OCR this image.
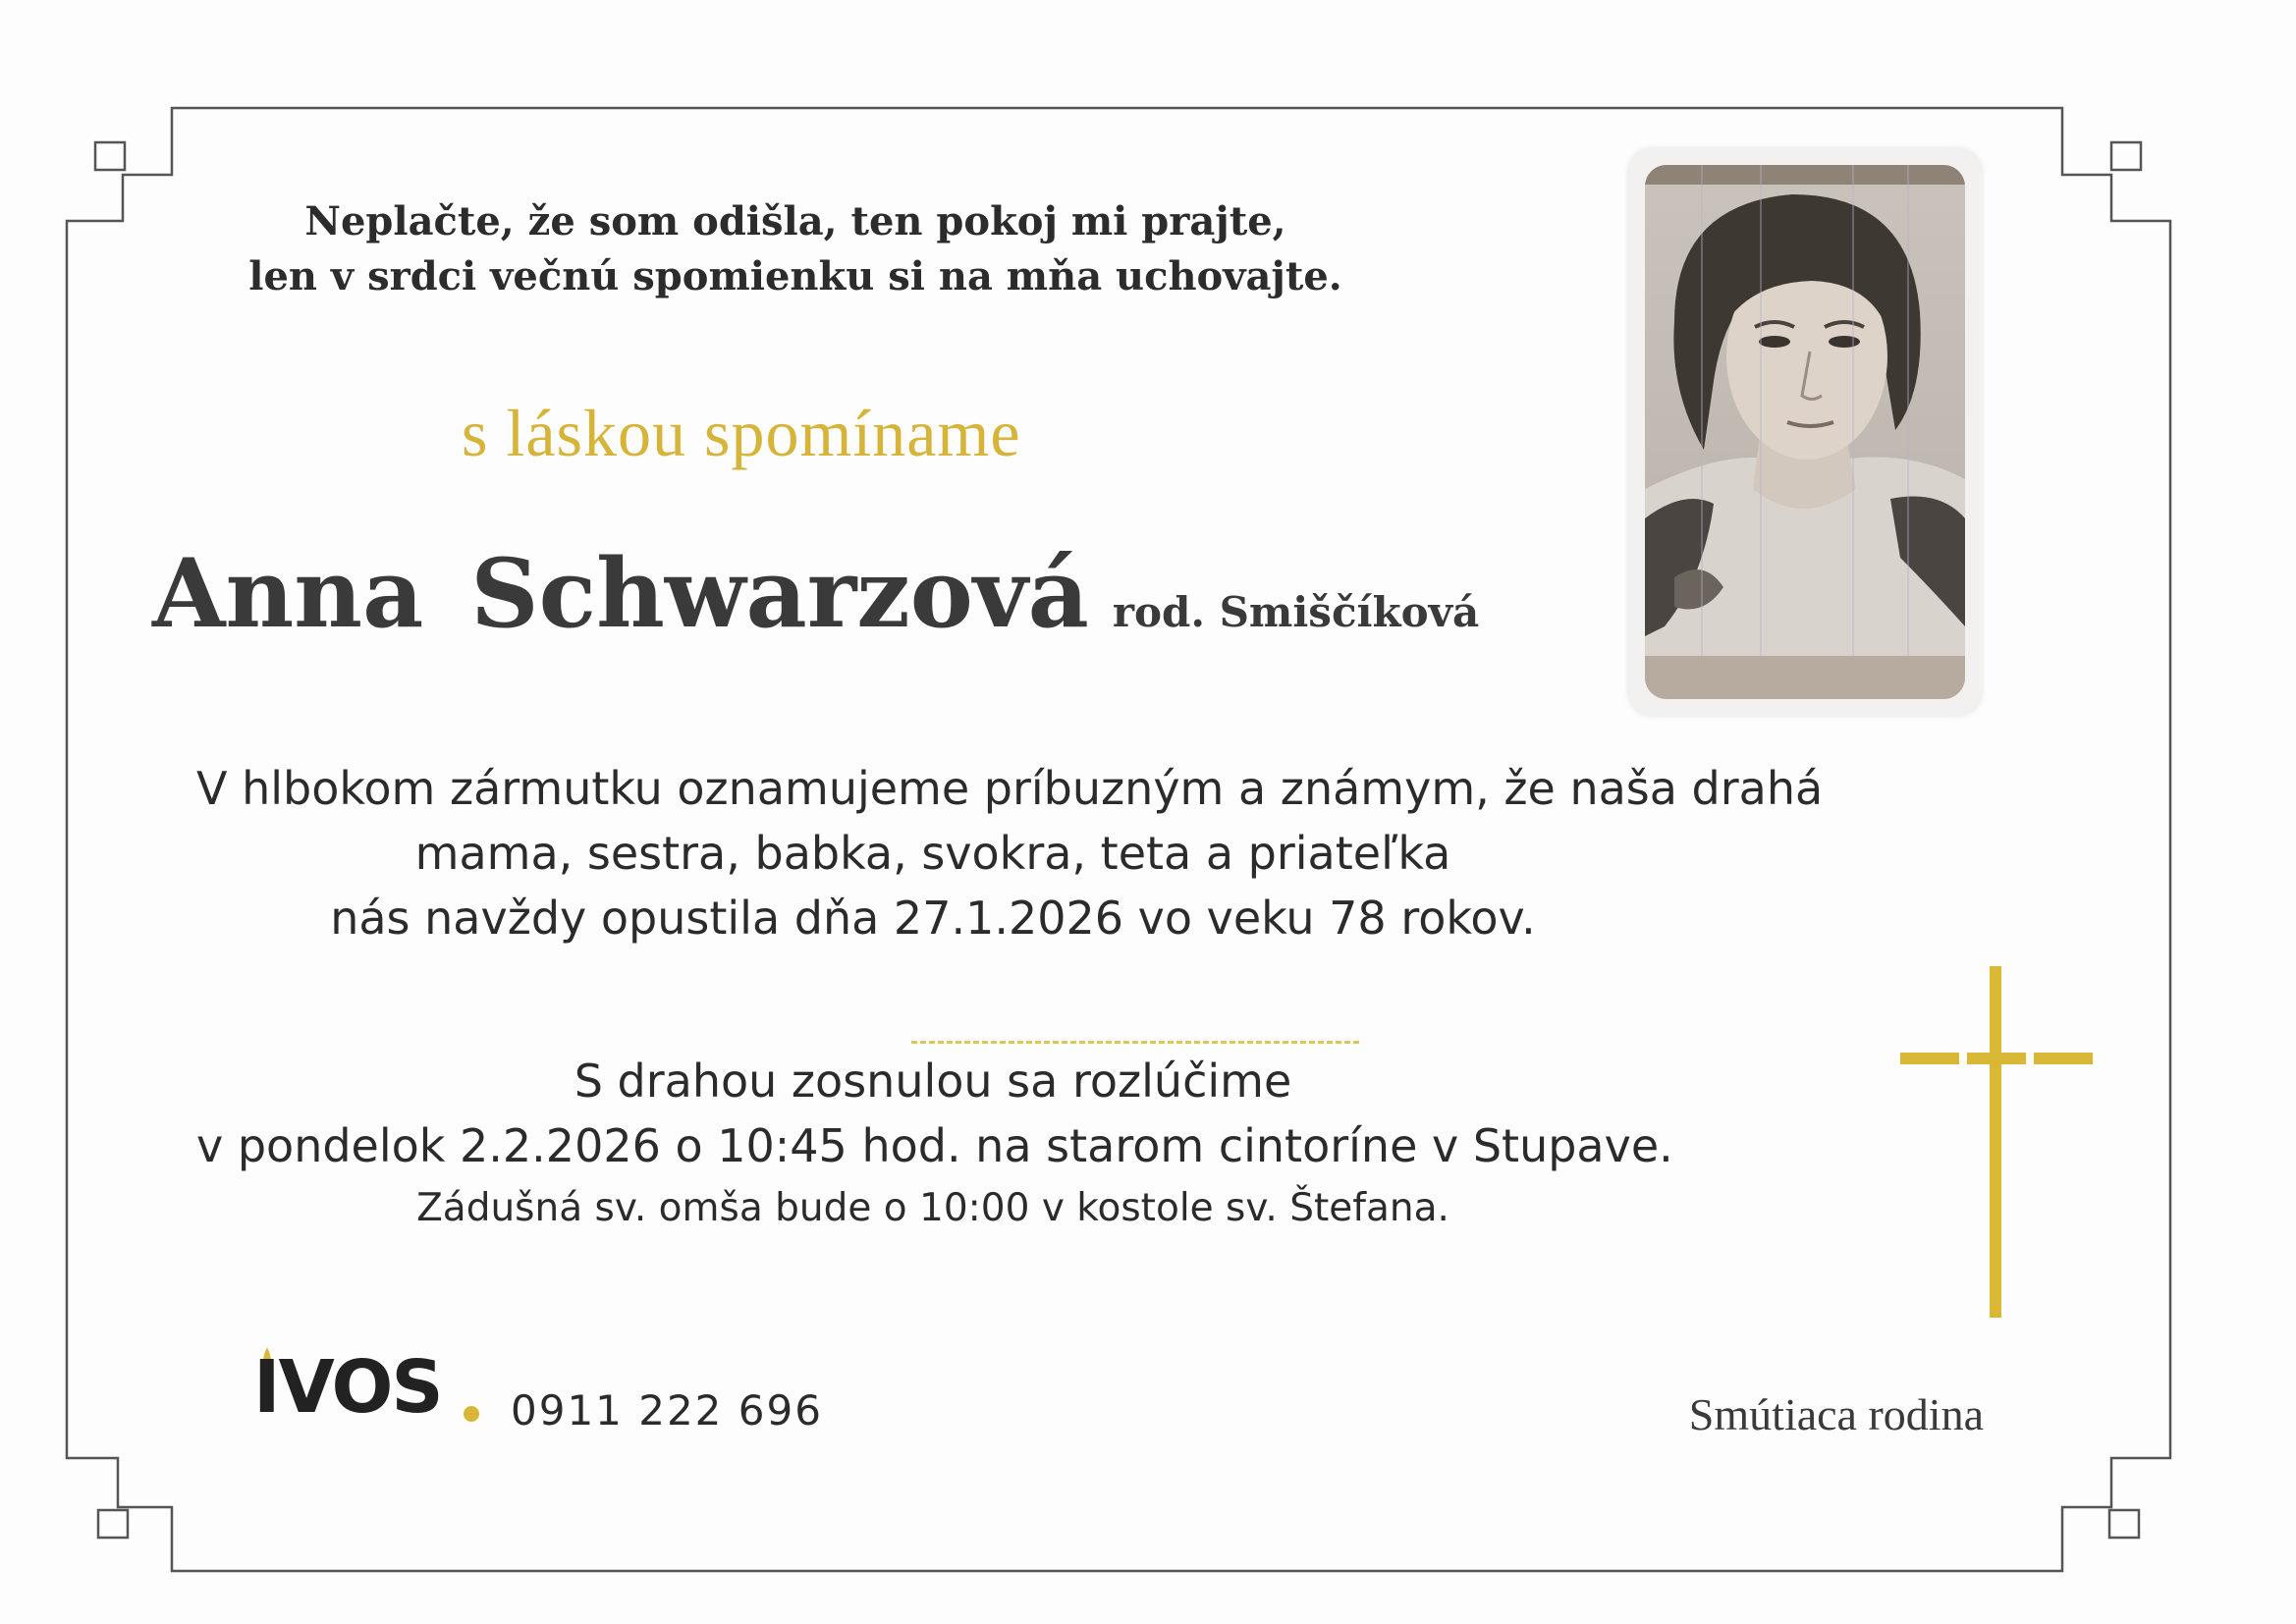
Neplačte, že som odišla, ten pokoj mi prajte,
len v srdci večnú spomienku si na mňa uchovajte.
s láskou spomíname
Anna Schwarzová rod. Smiščíková
V hlbokom zármutku oznamujeme príbuzným a známym, že naša drahá
mama, sestra, babka, svokra, teta a priateľka
nás navždy opustila dňa 27.1.2026 vo veku 78 rokov.
S drahou zosnulou sa rozlúčime
v pondelok 2.2.2026 o 10:45 hod. na starom cintoríne v Stupave.
Zádušná sv. omša bude o 10:00 v kostole sv. Štefana.
IVOS 0911 222 696	Smútiaca rodina
